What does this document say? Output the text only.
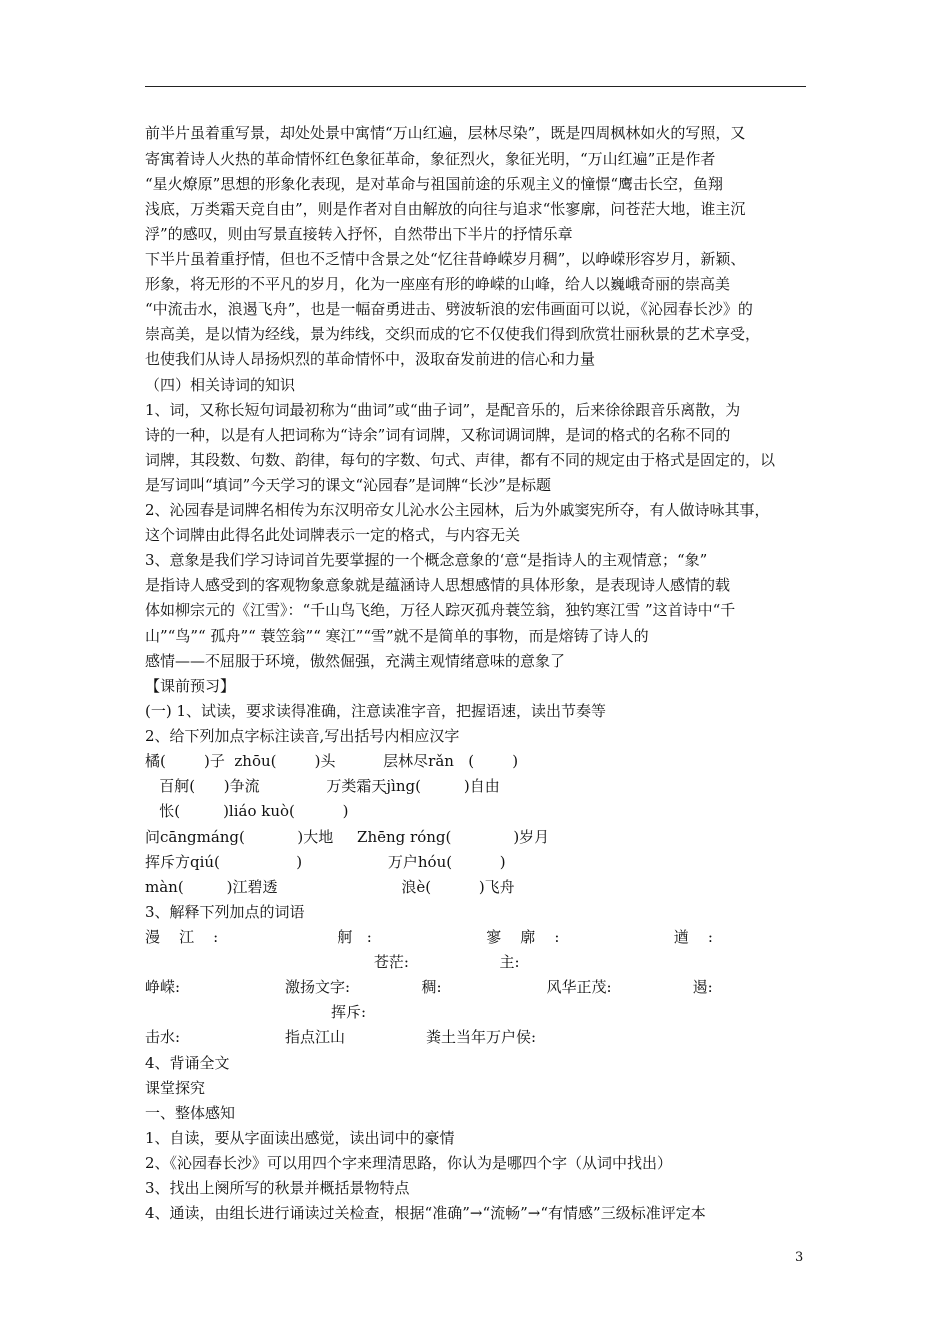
前半片虽着重写景，却处处景中寓情“万山红遍，层林尽染”，既是四周枫林如火的写照，又
寄寓着诗人火热的革命情怀红色象征革命，象征烈火，象征光明，“万山红遍”正是作者
“星火燎原”思想的形象化表现，是对革命与祖国前途的乐观主义的憧憬“鹰击长空，鱼翔
浅底，万类霜天竞自由”，则是作者对自由解放的向往与追求“怅寥廓，问苍茫大地，谁主沉
浮”的感叹，则由写景直接转入抒怀，自然带出下半片的抒情乐章
下半片虽着重抒情，但也不乏情中含景之处“忆往昔峥嵘岁月稠”，以峥嵘形容岁月，新颖、
形象，将无形的不平凡的岁月，化为一座座有形的峥嵘的山峰，给人以巍峨奇丽的崇高美
“中流击水，浪遏飞舟”，也是一幅奋勇进击、劈波斩浪的宏伟画面可以说，《沁园春长沙》的
崇高美，是以情为经线，景为纬线，交织而成的它不仅使我们得到欣赏壮丽秋景的艺术享受，
也使我们从诗人昂扬炽烈的革命情怀中，汲取奋发前进的信心和力量
（四）相关诗词的知识
1、词，又称长短句词最初称为“曲词”或“曲子词”，是配音乐的，后来徐徐跟音乐离散，为
诗的一种，以是有人把词称为“诗余”词有词牌，又称词调词牌，是词的格式的名称不同的
词牌，其段数、句数、韵律，每句的字数、句式、声律，都有不同的规定由于格式是固定的，以
是写词叫“填词”今天学习的课文“沁园春”是词牌“长沙”是标题
2、沁园春是词牌名相传为东汉明帝女儿沁水公主园林，后为外戚窦宪所夺，有人做诗咏其事，
这个词牌由此得名此处词牌表示一定的格式，与内容无关
3、意象是我们学习诗词首先要掌握的一个概念意象的‘意“是指诗人的主观情意；“象”
是指诗人感受到的客观物象意象就是蕴涵诗人思想感情的具体形象，是表现诗人感情的载
体如柳宗元的《江雪》：“千山鸟飞绝，万径人踪灭孤舟蓑笠翁，独钓寒江雪 ”这首诗中“千
山”“鸟”“ 孤舟”“ 蓑笠翁”“ 寒江”“雪”就不是简单的事物，而是熔铸了诗人的
感情——不屈服于环境，傲然倔强，充满主观情绪意味的意象了
【课前预习】
(一) 1、试读，要求读得准确，注意读准字音，把握语速，读出节奏等
2、给下列加点字标注读音,写出括号内相应汉字
橘(        )子  zhōu(        )头          层林尽rǎn   (        )
百舸(      )争流              万类霜天jìng(         )自由
怅(         )liáo kuò(          )
问cāngmáng(           )大地     Zhēng róng(             )岁月
挥斥方qiú(                )                  万户hóu(          )
màn(         )江碧透                          浪è(          )飞舟
3、解释下列加点的词语
漫    江    :                         舸   :                        寥    廓    :                        遒    :
苍茫:                   主:
峥嵘:                      激扬文字:               稠:                      风华正茂:                 遏:
挥斥:
击水:                      指点江山                 粪土当年万户侯:
4、背诵全文
课堂探究
一、整体感知
1、自读，要从字面读出感觉，读出词中的豪情
2、《沁园春长沙》可以用四个字来理清思路，你认为是哪四个字（从词中找出）
3、找出上阕所写的秋景并概括景物特点
4、通读，由组长进行诵读过关检查，根据“准确”→“流畅”→“有情感”三级标准评定本
3
